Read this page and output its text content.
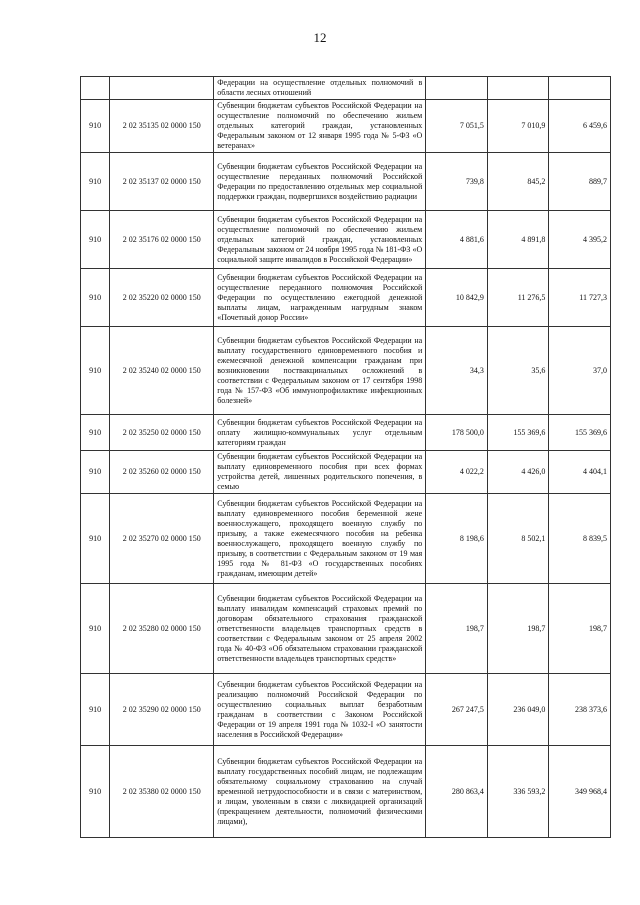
12
		Федерации на осуществление отдельных полномочий в области лесных отношений			
910	2 02 35135 02 0000 150	Субвенции бюджетам субъектов Российской Федерации на осуществление полномочий по обеспечению жильем отдельных категорий граждан, установленных Федеральным законом от 12 января 1995 года № 5-ФЗ «О ветеранах»	7 051,5	7 010,9	6 459,6
910	2 02 35137 02 0000 150	Субвенции бюджетам субъектов Российской Федерации на осуществление переданных полномочий Российской Федерации по предоставлению отдельных мер социальной поддержки граждан, подвергшихся воздействию радиации	739,8	845,2	889,7
910	2 02 35176 02 0000 150	Субвенции бюджетам субъектов Российской Федерации на осуществление полномочий по обеспечению жильем отдельных категорий граждан, установленных Федеральным законом от 24 ноября 1995 года № 181-ФЗ «О социальной защите инвалидов в Российской Федерации»	4 881,6	4 891,8	4 395,2
910	2 02 35220 02 0000 150	Субвенции бюджетам субъектов Российской Федерации на осуществление переданного полномочия Российской Федерации по осуществлению ежегодной денежной выплаты лицам, награжденным нагрудным знаком «Почетный донор России»	10 842,9	11 276,5	11 727,3
910	2 02 35240 02 0000 150	Субвенции бюджетам субъектов Российской Федерации на выплату государственного единовременного пособия и ежемесячной денежной компенсации гражданам при возникновении поствакцинальных осложнений в соответствии с Федеральным законом от 17 сентября 1998 года № 157-ФЗ «Об иммунопрофилактике инфекционных болезней»	34,3	35,6	37,0
910	2 02 35250 02 0000 150	Субвенции бюджетам субъектов Российской Федерации на оплату жилищно-коммунальных услуг отдельным категориям граждан	178 500,0	155 369,6	155 369,6
910	2 02 35260 02 0000 150	Субвенции бюджетам субъектов Российской Федерации на выплату единовременного пособия при всех формах устройства детей, лишенных родительского попечения, в семью	4 022,2	4 426,0	4 404,1
910	2 02 35270 02 0000 150	Субвенции бюджетам субъектов Российской Федерации на выплату единовременного пособия беременной жене военнослужащего, проходящего военную службу по призыву, а также ежемесячного пособия на ребенка военнослужащего, проходящего военную службу по призыву, в соответствии с Федеральным законом от 19 мая 1995 года № 81-ФЗ «О государственных пособиях гражданам, имеющим детей»	8 198,6	8 502,1	8 839,5
910	2 02 35280 02 0000 150	Субвенции бюджетам субъектов Российской Федерации на выплату инвалидам компенсаций страховых премий по договорам обязательного страхования гражданской ответственности владельцев транспортных средств в соответствии с Федеральным законом от 25 апреля 2002 года № 40-ФЗ «Об обязательном страховании гражданской ответственности владельцев транспортных средств»	198,7	198,7	198,7
910	2 02 35290 02 0000 150	Субвенции бюджетам субъектов Российской Федерации на реализацию полномочий Российской Федерации по осуществлению социальных выплат безработным гражданам в соответствии с Законом Российской Федерации от 19 апреля 1991 года № 1032-I «О занятости населения в Российской Федерации»	267 247,5	236 049,0	238 373,6
910	2 02 35380 02 0000 150	Субвенции бюджетам субъектов Российской Федерации на выплату государственных пособий лицам, не подлежащим обязательному социальному страхованию на случай временной нетрудоспособности и в связи с материнством, и лицам, уволенным в связи с ликвидацией организаций (прекращением деятельности, полномочий физическими лицами),	280 863,4	336 593,2	349 968,4
